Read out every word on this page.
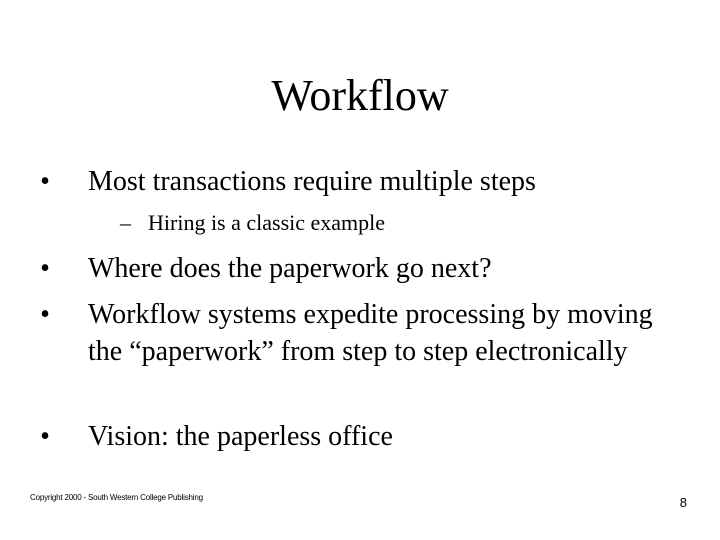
Workflow
•	Most transactions require multiple steps
– Hiring is a classic example
•	Where does the paperwork go next?
•	Workflow systems expedite processing by moving the “paperwork” from step to step electronically
•	Vision: the paperless office
Copyright 2000 - South Western College Publishing	8
